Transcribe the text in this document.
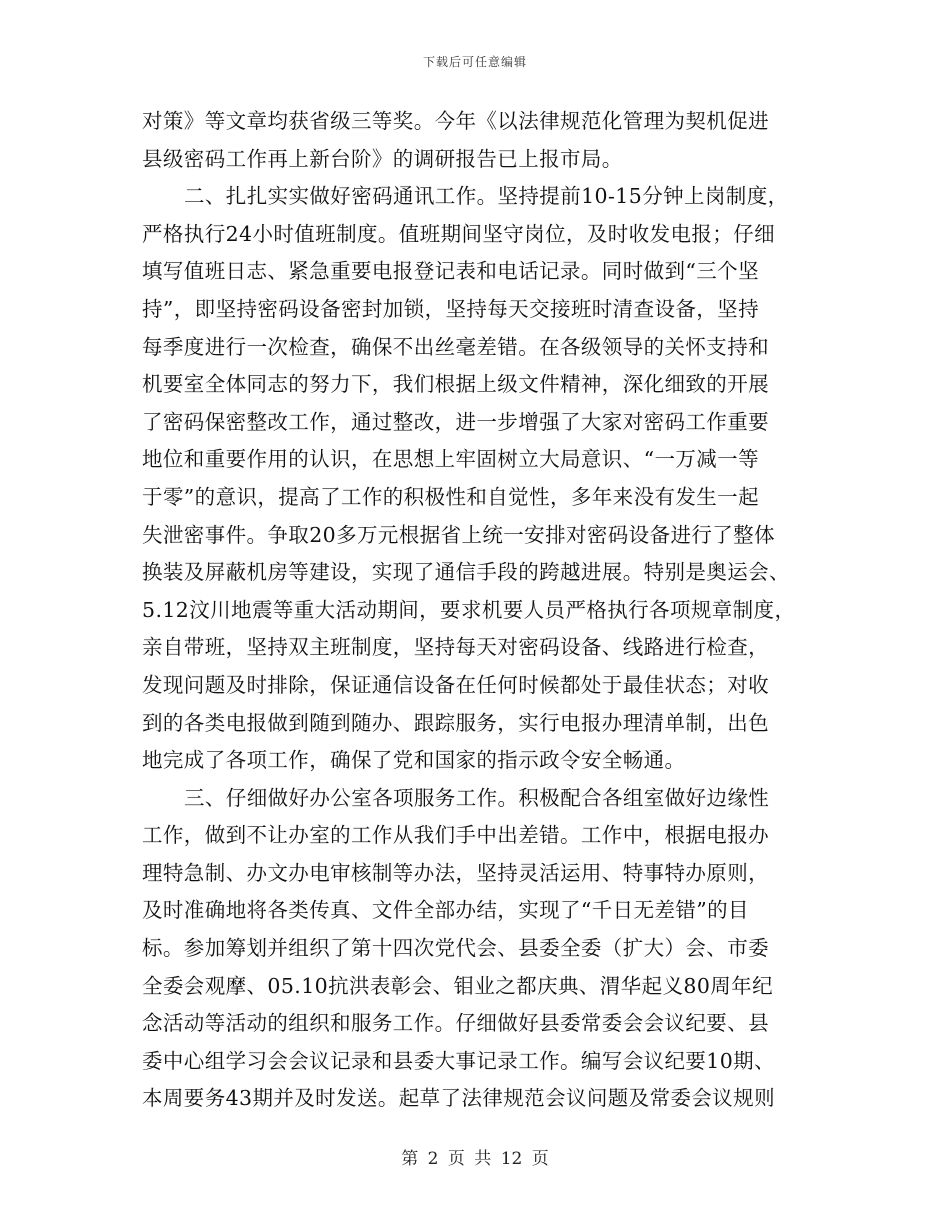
下载后可任意编辑
对策》等文章均获省级三等奖。今年《以法律规范化管理为契机促进
县级密码工作再上新台阶》的调研报告已上报市局。
二、扎扎实实做好密码通讯工作。坚持提前10-15分钟上岗制度，
严格执行24小时值班制度。值班期间坚守岗位，及时收发电报；仔细
填写值班日志、紧急重要电报登记表和电话记录。同时做到“三个坚
持”，即坚持密码设备密封加锁，坚持每天交接班时清查设备，坚持
每季度进行一次检查，确保不出丝毫差错。在各级领导的关怀支持和
机要室全体同志的努力下，我们根据上级文件精神，深化细致的开展
了密码保密整改工作，通过整改，进一步增强了大家对密码工作重要
地位和重要作用的认识，在思想上牢固树立大局意识、“一万减一等
于零”的意识，提高了工作的积极性和自觉性，多年来没有发生一起
失泄密事件。争取20多万元根据省上统一安排对密码设备进行了整体
换装及屏蔽机房等建设，实现了通信手段的跨越进展。特别是奥运会、
5.12汶川地震等重大活动期间，要求机要人员严格执行各项规章制度，
亲自带班，坚持双主班制度，坚持每天对密码设备、线路进行检查，
发现问题及时排除，保证通信设备在任何时候都处于最佳状态；对收
到的各类电报做到随到随办、跟踪服务，实行电报办理清单制，出色
地完成了各项工作，确保了党和国家的指示政令安全畅通。
三、仔细做好办公室各项服务工作。积极配合各组室做好边缘性
工作，做到不让办室的工作从我们手中出差错。工作中，根据电报办
理特急制、办文办电审核制等办法，坚持灵活运用、特事特办原则，
及时准确地将各类传真、文件全部办结，实现了“千日无差错”的目
标。参加筹划并组织了第十四次党代会、县委全委（扩大）会、市委
全委会观摩、05.10抗洪表彰会、钼业之都庆典、渭华起义80周年纪
念活动等活动的组织和服务工作。仔细做好县委常委会会议纪要、县
委中心组学习会会议记录和县委大事记录工作。编写会议纪要10期、
本周要务43期并及时发送。起草了法律规范会议问题及常委会议规则
第 2 页 共 12 页
